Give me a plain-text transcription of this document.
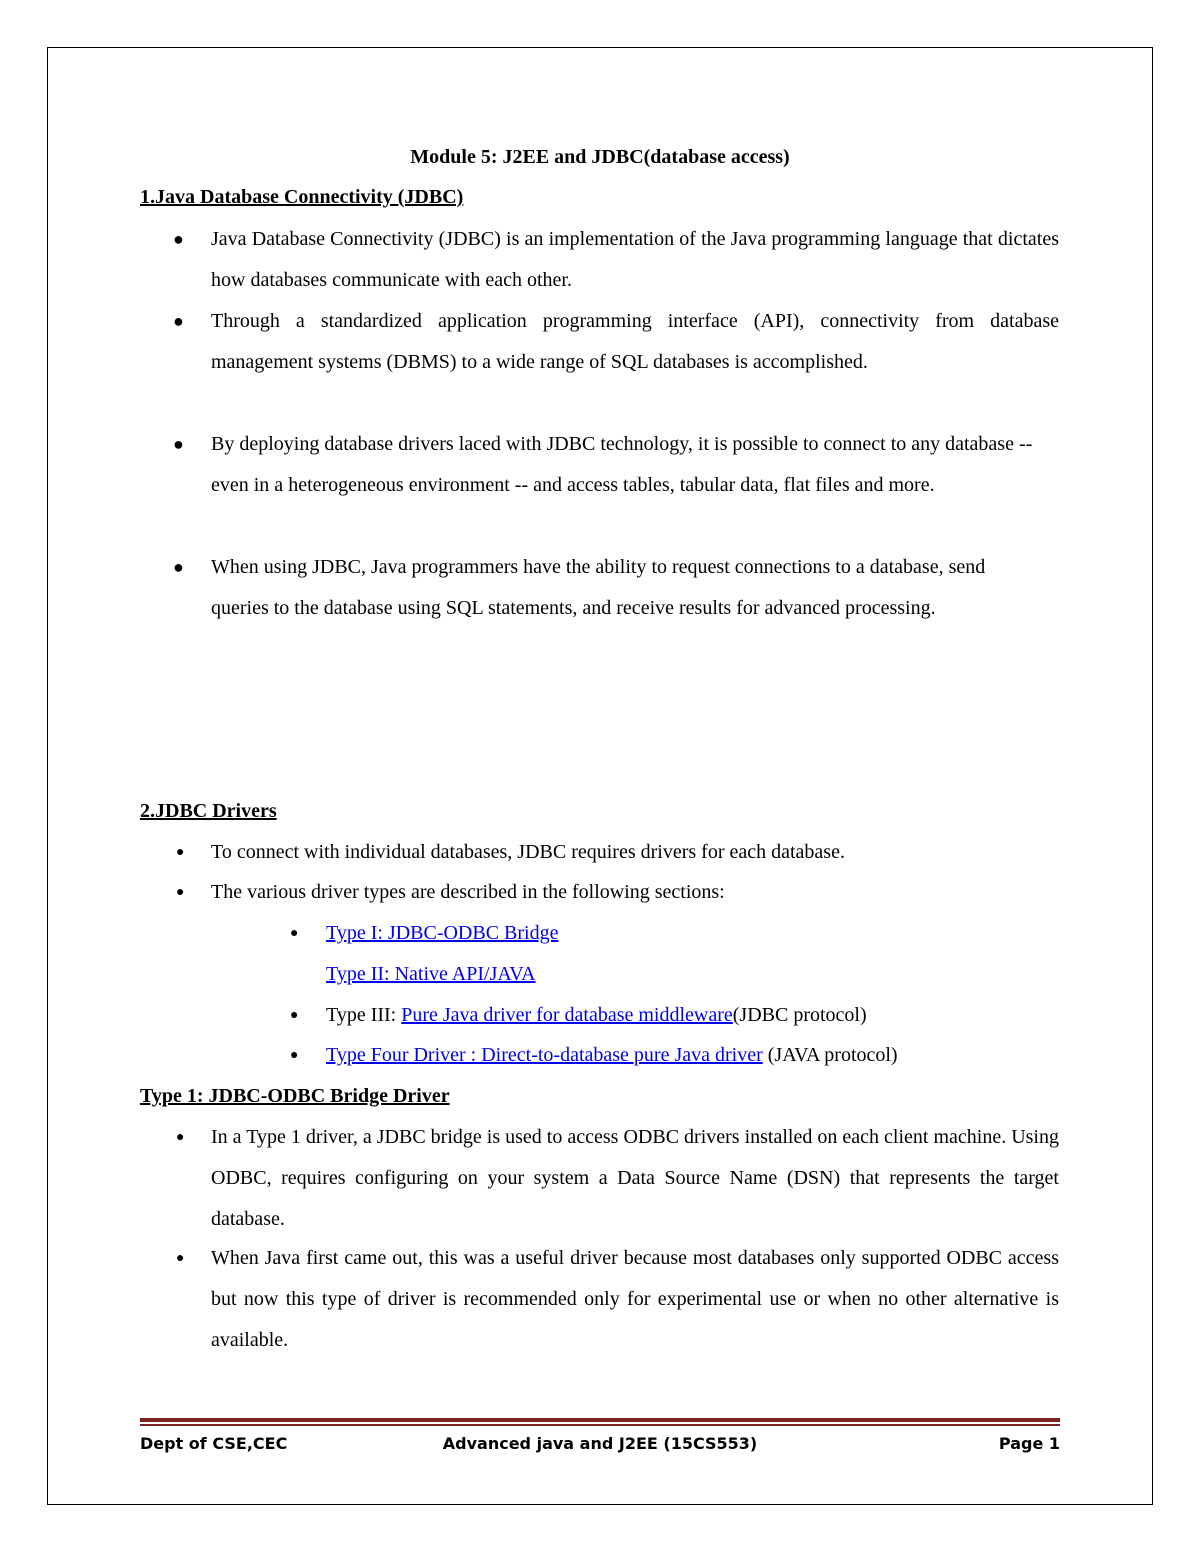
Module 5: J2EE and JDBC(database access)
1.Java Database Connectivity (JDBC)
● Java Database Connectivity (JDBC) is an implementation of the Java programming language that dictates how databases communicate with each other.
● Through a standardized application programming interface (API), connectivity from database management systems (DBMS) to a wide range of SQL databases is accomplished.
● By deploying database drivers laced with JDBC technology, it is possible to connect to any database -- even in a heterogeneous environment -- and access tables, tabular data, flat files and more.
● When using JDBC, Java programmers have the ability to request connections to a database, send queries to the database using SQL statements, and receive results for advanced processing.
2.JDBC Drivers
● To connect with individual databases, JDBC requires drivers for each database.
● The various driver types are described in the following sections:
● Type I: JDBC-ODBC Bridge
Type II: Native API/JAVA
● Type III: Pure Java driver for database middleware(JDBC protocol)
● Type Four Driver : Direct-to-database pure Java driver (JAVA protocol)
Type 1: JDBC-ODBC Bridge Driver
● In a Type 1 driver, a JDBC bridge is used to access ODBC drivers installed on each client machine. Using ODBC, requires configuring on your system a Data Source Name (DSN) that represents the target database.
● When Java first came out, this was a useful driver because most databases only supported ODBC access but now this type of driver is recommended only for experimental use or when no other alternative is available.
Dept of CSE,CEC	Advanced java and J2EE (15CS553)	Page 1
